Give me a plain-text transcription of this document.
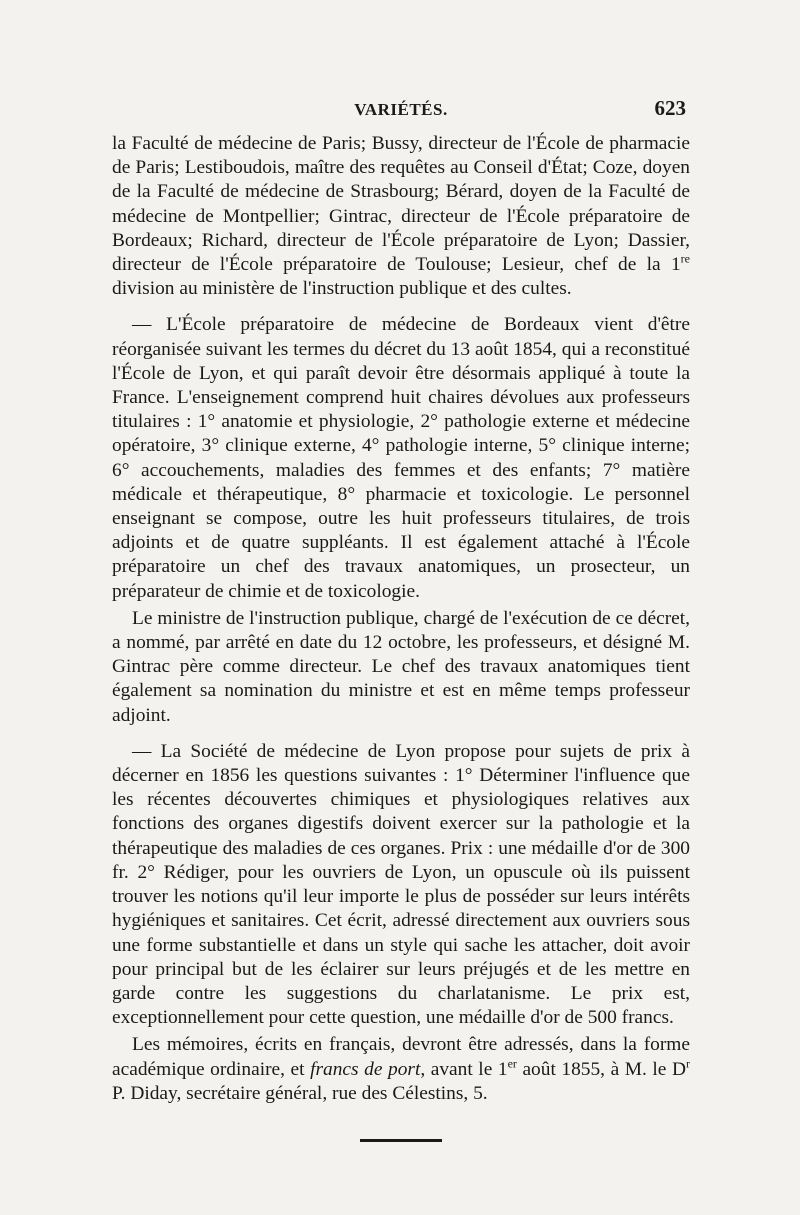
VARIÉTÉS.	623

la Faculté de médecine de Paris; Bussy, directeur de l'École de pharmacie de Paris; Lestiboudois, maître des requêtes au Conseil d'État; Coze, doyen de la Faculté de médecine de Strasbourg; Bérard, doyen de la Faculté de médecine de Montpellier; Gintrac, directeur de l'École préparatoire de Bordeaux; Richard, directeur de l'École préparatoire de Lyon; Dassier, directeur de l'École préparatoire de Toulouse; Lesieur, chef de la 1re division au ministère de l'instruction publique et des cultes.

— L'École préparatoire de médecine de Bordeaux vient d'être réorganisée suivant les termes du décret du 13 août 1854, qui a reconstitué l'École de Lyon, et qui paraît devoir être désormais appliqué à toute la France. L'enseignement comprend huit chaires dévolues aux professeurs titulaires : 1° anatomie et physiologie, 2° pathologie externe et médecine opératoire, 3° clinique externe, 4° pathologie interne, 5° clinique interne; 6° accouchements, maladies des femmes et des enfants; 7° matière médicale et thérapeutique, 8° pharmacie et toxicologie. Le personnel enseignant se compose, outre les huit professeurs titulaires, de trois adjoints et de quatre suppléants. Il est également attaché à l'École préparatoire un chef des travaux anatomiques, un prosecteur, un préparateur de chimie et de toxicologie.

Le ministre de l'instruction publique, chargé de l'exécution de ce décret, a nommé, par arrêté en date du 12 octobre, les professeurs, et désigné M. Gintrac père comme directeur. Le chef des travaux anatomiques tient également sa nomination du ministre et est en même temps professeur adjoint.

— La Société de médecine de Lyon propose pour sujets de prix à décerner en 1856 les questions suivantes : 1° Déterminer l'influence que les récentes découvertes chimiques et physiologiques relatives aux fonctions des organes digestifs doivent exercer sur la pathologie et la thérapeutique des maladies de ces organes. Prix : une médaille d'or de 300 fr. 2° Rédiger, pour les ouvriers de Lyon, un opuscule où ils puissent trouver les notions qu'il leur importe le plus de posséder sur leurs intérêts hygiéniques et sanitaires. Cet écrit, adressé directement aux ouvriers sous une forme substantielle et dans un style qui sache les attacher, doit avoir pour principal but de les éclairer sur leurs préjugés et de les mettre en garde contre les suggestions du charlatanisme. Le prix est, exceptionnellement pour cette question, une médaille d'or de 500 francs.

Les mémoires, écrits en français, devront être adressés, dans la forme académique ordinaire, et francs de port, avant le 1er août 1855, à M. le $D^r$ P. Diday, secrétaire général, rue des Célestins, 5.
